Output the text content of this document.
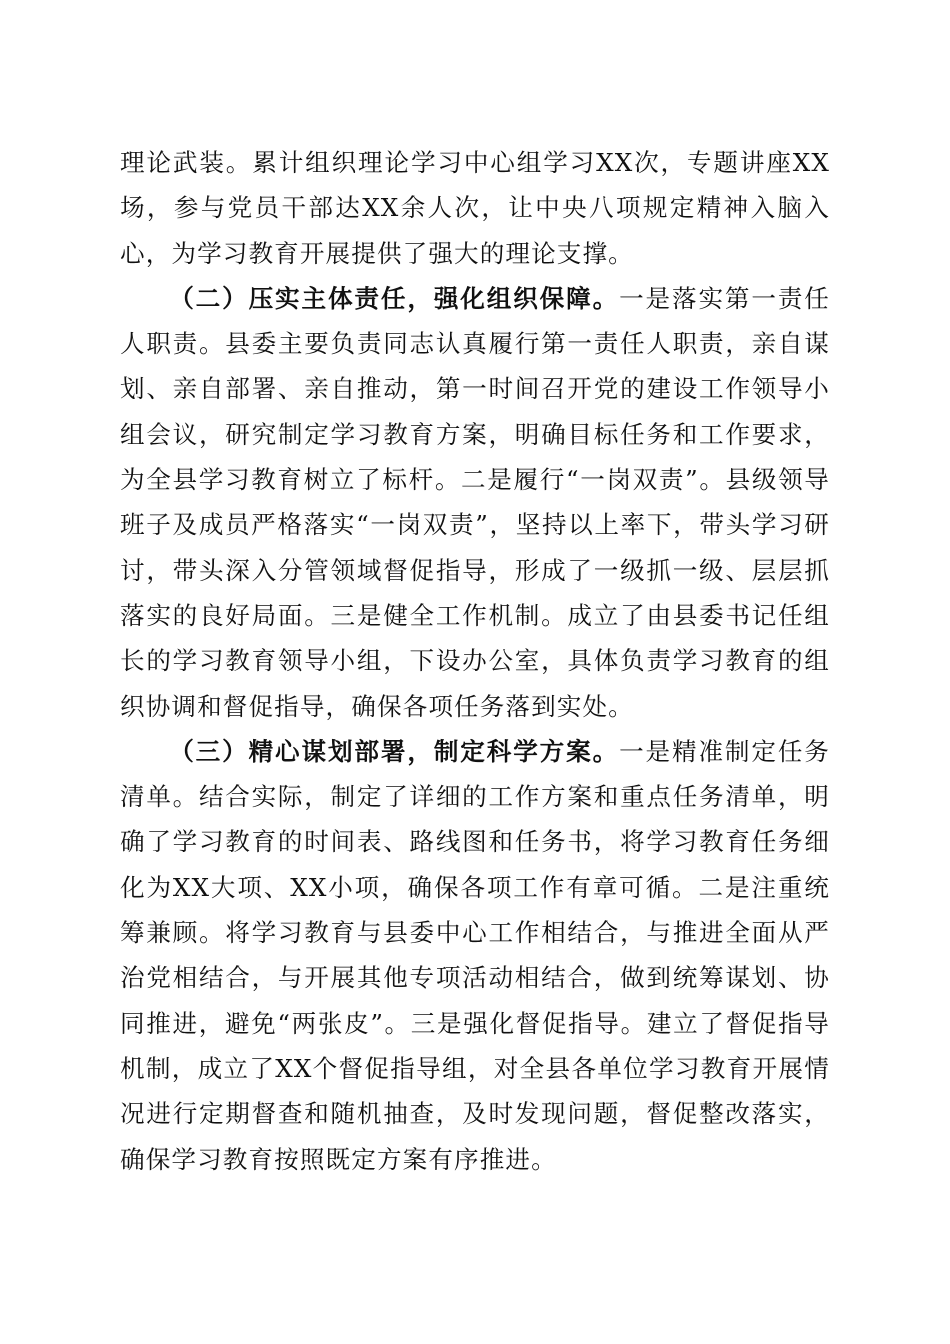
理论武装。累计组织理论学习中心组学习XX次，专题讲座XX场，参与党员干部达XX余人次，让中央八项规定精神入脑入心，为学习教育开展提供了强大的理论支撑。

（二）压实主体责任，强化组织保障。一是落实第一责任人职责。县委主要负责同志认真履行第一责任人职责，亲自谋划、亲自部署、亲自推动，第一时间召开党的建设工作领导小组会议，研究制定学习教育方案，明确目标任务和工作要求，为全县学习教育树立了标杆。二是履行“一岗双责”。县级领导班子及成员严格落实“一岗双责”，坚持以上率下，带头学习研讨，带头深入分管领域督促指导，形成了一级抓一级、层层抓落实的良好局面。三是健全工作机制。成立了由县委书记任组长的学习教育领导小组，下设办公室，具体负责学习教育的组织协调和督促指导，确保各项任务落到实处。

（三）精心谋划部署，制定科学方案。一是精准制定任务清单。结合实际，制定了详细的工作方案和重点任务清单，明确了学习教育的时间表、路线图和任务书，将学习教育任务细化为XX大项、XX小项，确保各项工作有章可循。二是注重统筹兼顾。将学习教育与县委中心工作相结合，与推进全面从严治党相结合，与开展其他专项活动相结合，做到统筹谋划、协同推进，避免“两张皮”。三是强化督促指导。建立了督促指导机制，成立了XX个督促指导组，对全县各单位学习教育开展情况进行定期督查和随机抽查，及时发现问题，督促整改落实，确保学习教育按照既定方案有序推进。
